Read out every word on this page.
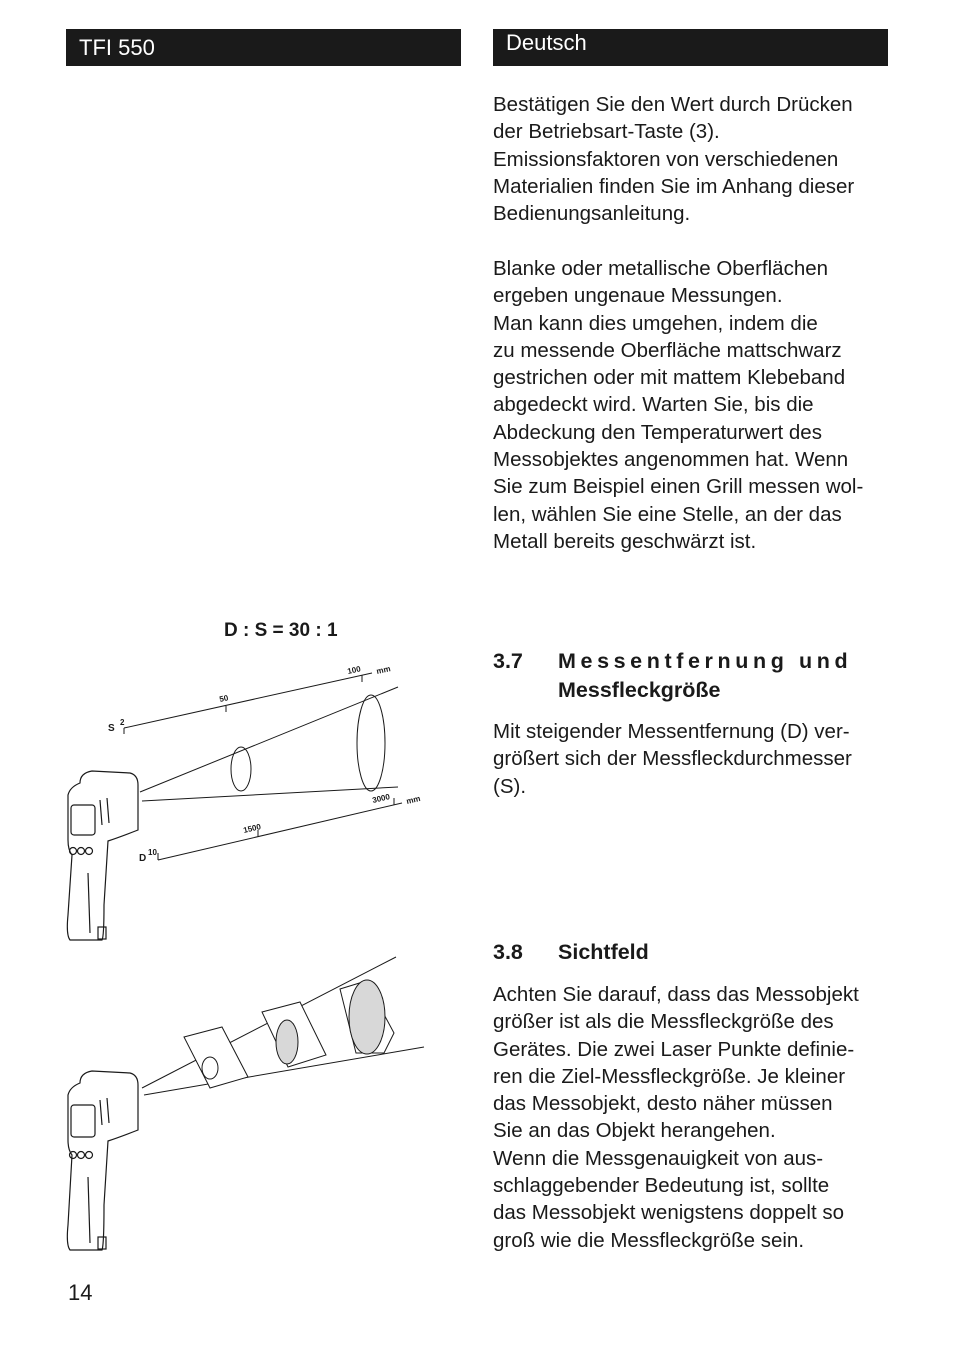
TFI 550	Deutsch

Bestätigen Sie den Wert durch Drücken

der Betriebsart-Taste (3).

Emissionsfaktoren von verschiedenen

Materialien finden Sie im Anhang dieser

Bedienungsanleitung.

Blanke oder metallische Oberflächen

ergeben ungenaue Messungen.

Man kann dies umgehen, indem die

zu messende Oberfläche mattschwarz

gestrichen oder mit mattem Klebeband

abgedeckt wird. Warten Sie, bis die

Abdeckung den Temperaturwert des

Messobjektes angenommen hat. Wenn

Sie zum Beispiel einen Grill messen wol-

len, wählen Sie eine Stelle, an der das

Metall bereits geschwärzt ist.

3.7 Messentfernung und
Messfleckgröße

Mit steigender Messentfernung (D) ver-

größert sich der Messfleckdurchmesser

(S).

3.8 Sichtfeld

Achten Sie darauf, dass das Messobjekt

größer ist als die Messfleckgröße des

Gerätes. Die zwei Laser Punkte definie-

ren die Ziel-Messfleckgröße. Je kleiner

das Messobjekt, desto näher müssen

Sie an das Objekt herangehen.

Wenn die Messgenauigkeit von aus-

schlaggebender Bedeutung ist, sollte

das Messobjekt wenigstens doppelt so

groß wie die Messfleckgröße sein.

D : S = 30 : 1
S
2
50
100 mm
D
10
1500
3000 mm
14
